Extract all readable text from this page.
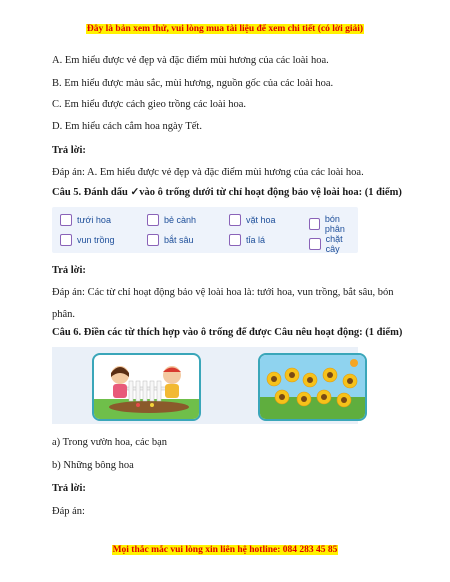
Đây là bản xem thử, vui lòng mua tài liệu để xem chi tiết (có lời giải)
A. Em hiểu được vẻ đẹp và đặc điểm mùi hương của các loài hoa.
B. Em hiểu được màu sắc, mùi hương, nguồn gốc của các loài hoa.
C. Em hiểu được cách gieo trồng các loài hoa.
D. Em hiểu cách cắm hoa ngày Tết.
Trả lời:
Đáp án: A. Em hiểu được vẻ đẹp và đặc điểm mùi hương của các loài hoa.
Câu 5. Đánh dấu ✓vào ô trống dưới từ chỉ hoạt động bảo vệ loài hoa: (1 điểm)
tưới hoa	bẻ cành	vặt hoa	bón phân
vun trồng	bắt sâu	tỉa lá	chặt cây
Trả lời:
Đáp án: Các từ chỉ hoạt động bảo vệ loài hoa là: tưới hoa, vun trồng, bắt sâu, bón phân.
Câu 6. Điền các từ thích hợp vào ô trống để được Câu nêu hoạt động: (1 điểm)
a) Trong vườn hoa, các bạn
b) Những bông hoa
Trả lời:
Đáp án:
Mọi thắc mắc vui lòng xin liên hệ hotline: 084 283 45 85
